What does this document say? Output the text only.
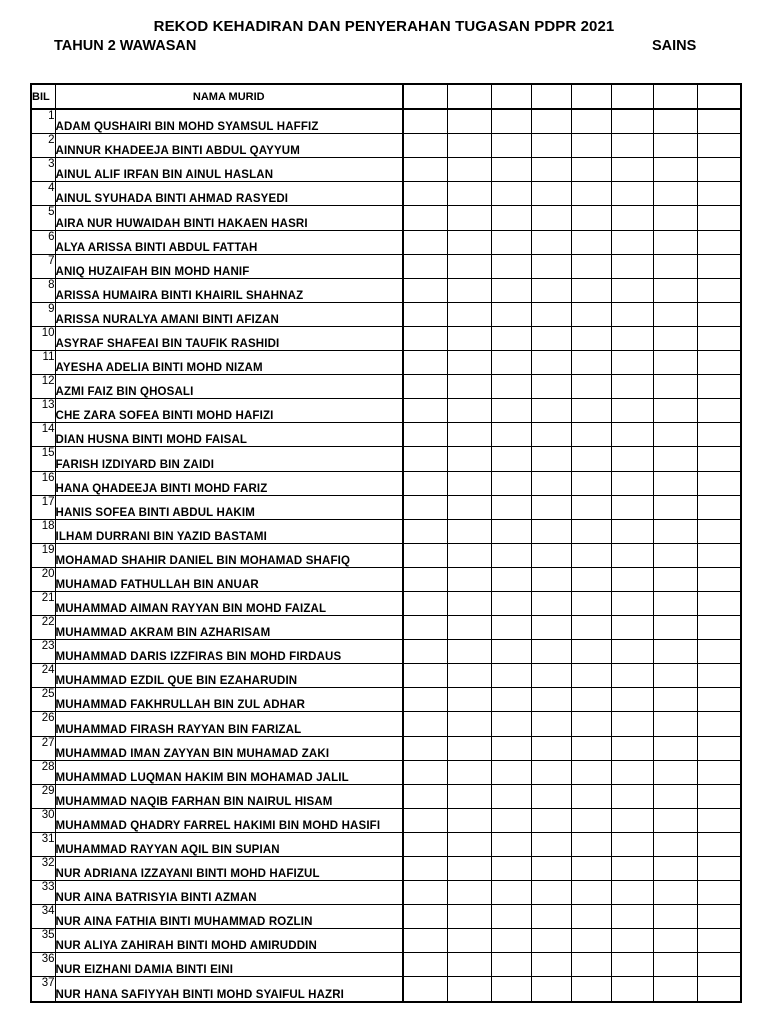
REKOD KEHADIRAN DAN PENYERAHAN TUGASAN PDPR 2021
TAHUN 2 WAWASAN	SAINS
BIL	NAMA MURID								
1	ADAM QUSHAIRI BIN MOHD SYAMSUL HAFFIZ								
2	AINNUR KHADEEJA BINTI ABDUL QAYYUM								
3	AINUL ALIF IRFAN BIN AINUL HASLAN								
4	AINUL SYUHADA BINTI AHMAD RASYEDI								
5	AIRA NUR HUWAIDAH BINTI HAKAEN HASRI								
6	ALYA ARISSA BINTI ABDUL FATTAH								
7	ANIQ HUZAIFAH BIN MOHD HANIF								
8	ARISSA HUMAIRA BINTI KHAIRIL SHAHNAZ								
9	ARISSA NURALYA AMANI BINTI AFIZAN								
10	ASYRAF SHAFEAI BIN TAUFIK RASHIDI								
11	AYESHA ADELIA BINTI MOHD NIZAM								
12	AZMI FAIZ BIN QHOSALI								
13	CHE ZARA SOFEA BINTI MOHD HAFIZI								
14	DIAN HUSNA BINTI MOHD FAISAL								
15	FARISH IZDIYARD BIN ZAIDI								
16	HANA QHADEEJA BINTI MOHD FARIZ								
17	HANIS SOFEA BINTI ABDUL HAKIM								
18	ILHAM DURRANI BIN YAZID BASTAMI								
19	MOHAMAD SHAHIR DANIEL BIN MOHAMAD SHAFIQ								
20	MUHAMAD FATHULLAH BIN ANUAR								
21	MUHAMMAD AIMAN RAYYAN BIN MOHD FAIZAL								
22	MUHAMMAD AKRAM BIN AZHARISAM								
23	MUHAMMAD DARIS IZZFIRAS BIN MOHD FIRDAUS								
24	MUHAMMAD EZDIL QUE BIN EZAHARUDIN								
25	MUHAMMAD FAKHRULLAH BIN ZUL ADHAR								
26	MUHAMMAD FIRASH RAYYAN BIN FARIZAL								
27	MUHAMMAD IMAN ZAYYAN BIN MUHAMAD ZAKI								
28	MUHAMMAD LUQMAN HAKIM BIN MOHAMAD JALIL								
29	MUHAMMAD NAQIB FARHAN BIN NAIRUL HISAM								
30	MUHAMMAD QHADRY FARREL HAKIMI BIN MOHD HASIFI								
31	MUHAMMAD RAYYAN AQIL BIN SUPIAN								
32	NUR ADRIANA IZZAYANI BINTI MOHD HAFIZUL								
33	NUR AINA BATRISYIA BINTI AZMAN								
34	NUR AINA FATHIA BINTI MUHAMMAD ROZLIN								
35	NUR ALIYA ZAHIRAH BINTI MOHD AMIRUDDIN								
36	NUR EIZHANI DAMIA BINTI EINI								
37	NUR HANA SAFIYYAH BINTI MOHD SYAIFUL HAZRI								
